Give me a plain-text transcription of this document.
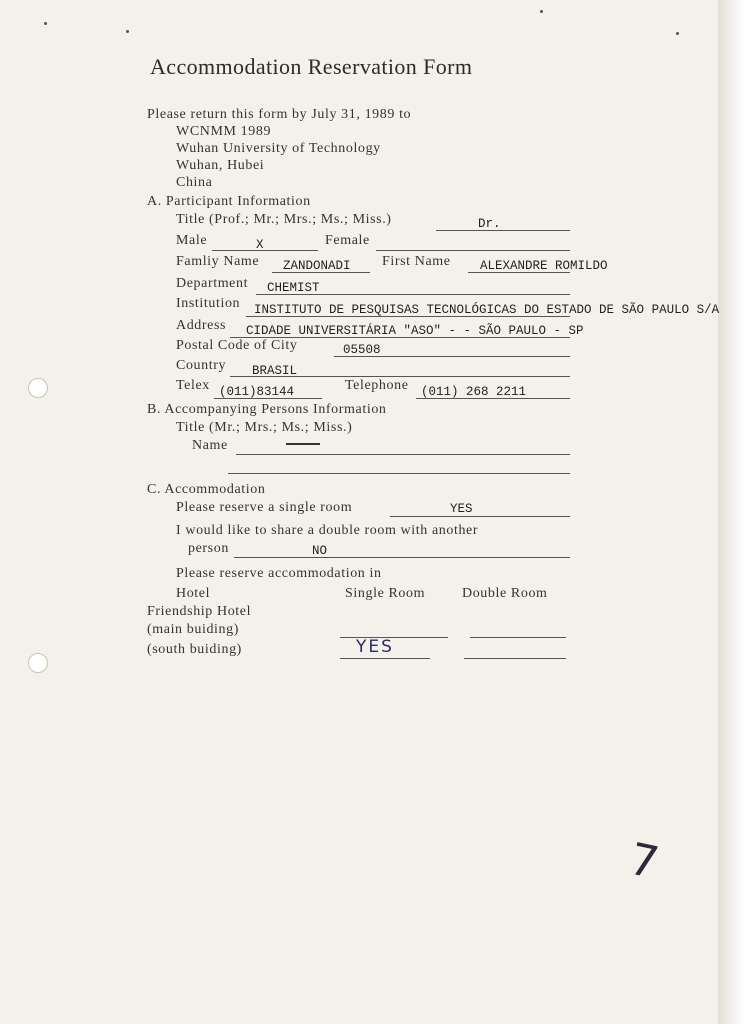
Accommodation Reservation Form
Please return this form by July 31, 1989 to
WCNMM 1989
Wuhan University of Technology
Wuhan, Hubei
China
A. Participant Information
Title (Prof.; Mr.; Mrs.; Ms.; Miss.)	Dr.
Male	X	Female
Famliy Name ZANDONADI First Name ALEXANDRE ROMILDO
Department CHEMIST
Institution INSTITUTO DE PESQUISAS TECNOLÓGICAS DO ESTADO DE SÃO PAULO S/A
Address CIDADE UNIVERSITÁRIA "ASO" - - SÃO PAULO - SP
Postal Code of City	05508
Country BRASIL
Telex (011)83144	Telephone (011) 268 2211
B. Accompanying Persons Information
Title (Mr.; Mrs.; Ms.; Miss.)
Name
C. Accommodation
Please reserve a single room	YES
I would like to share a double room with another
person	NO
Please reserve accommodation in
Hotel	Single Room	Double Room
Friendship Hotel
(main buiding)
(south buiding)	YES
7
